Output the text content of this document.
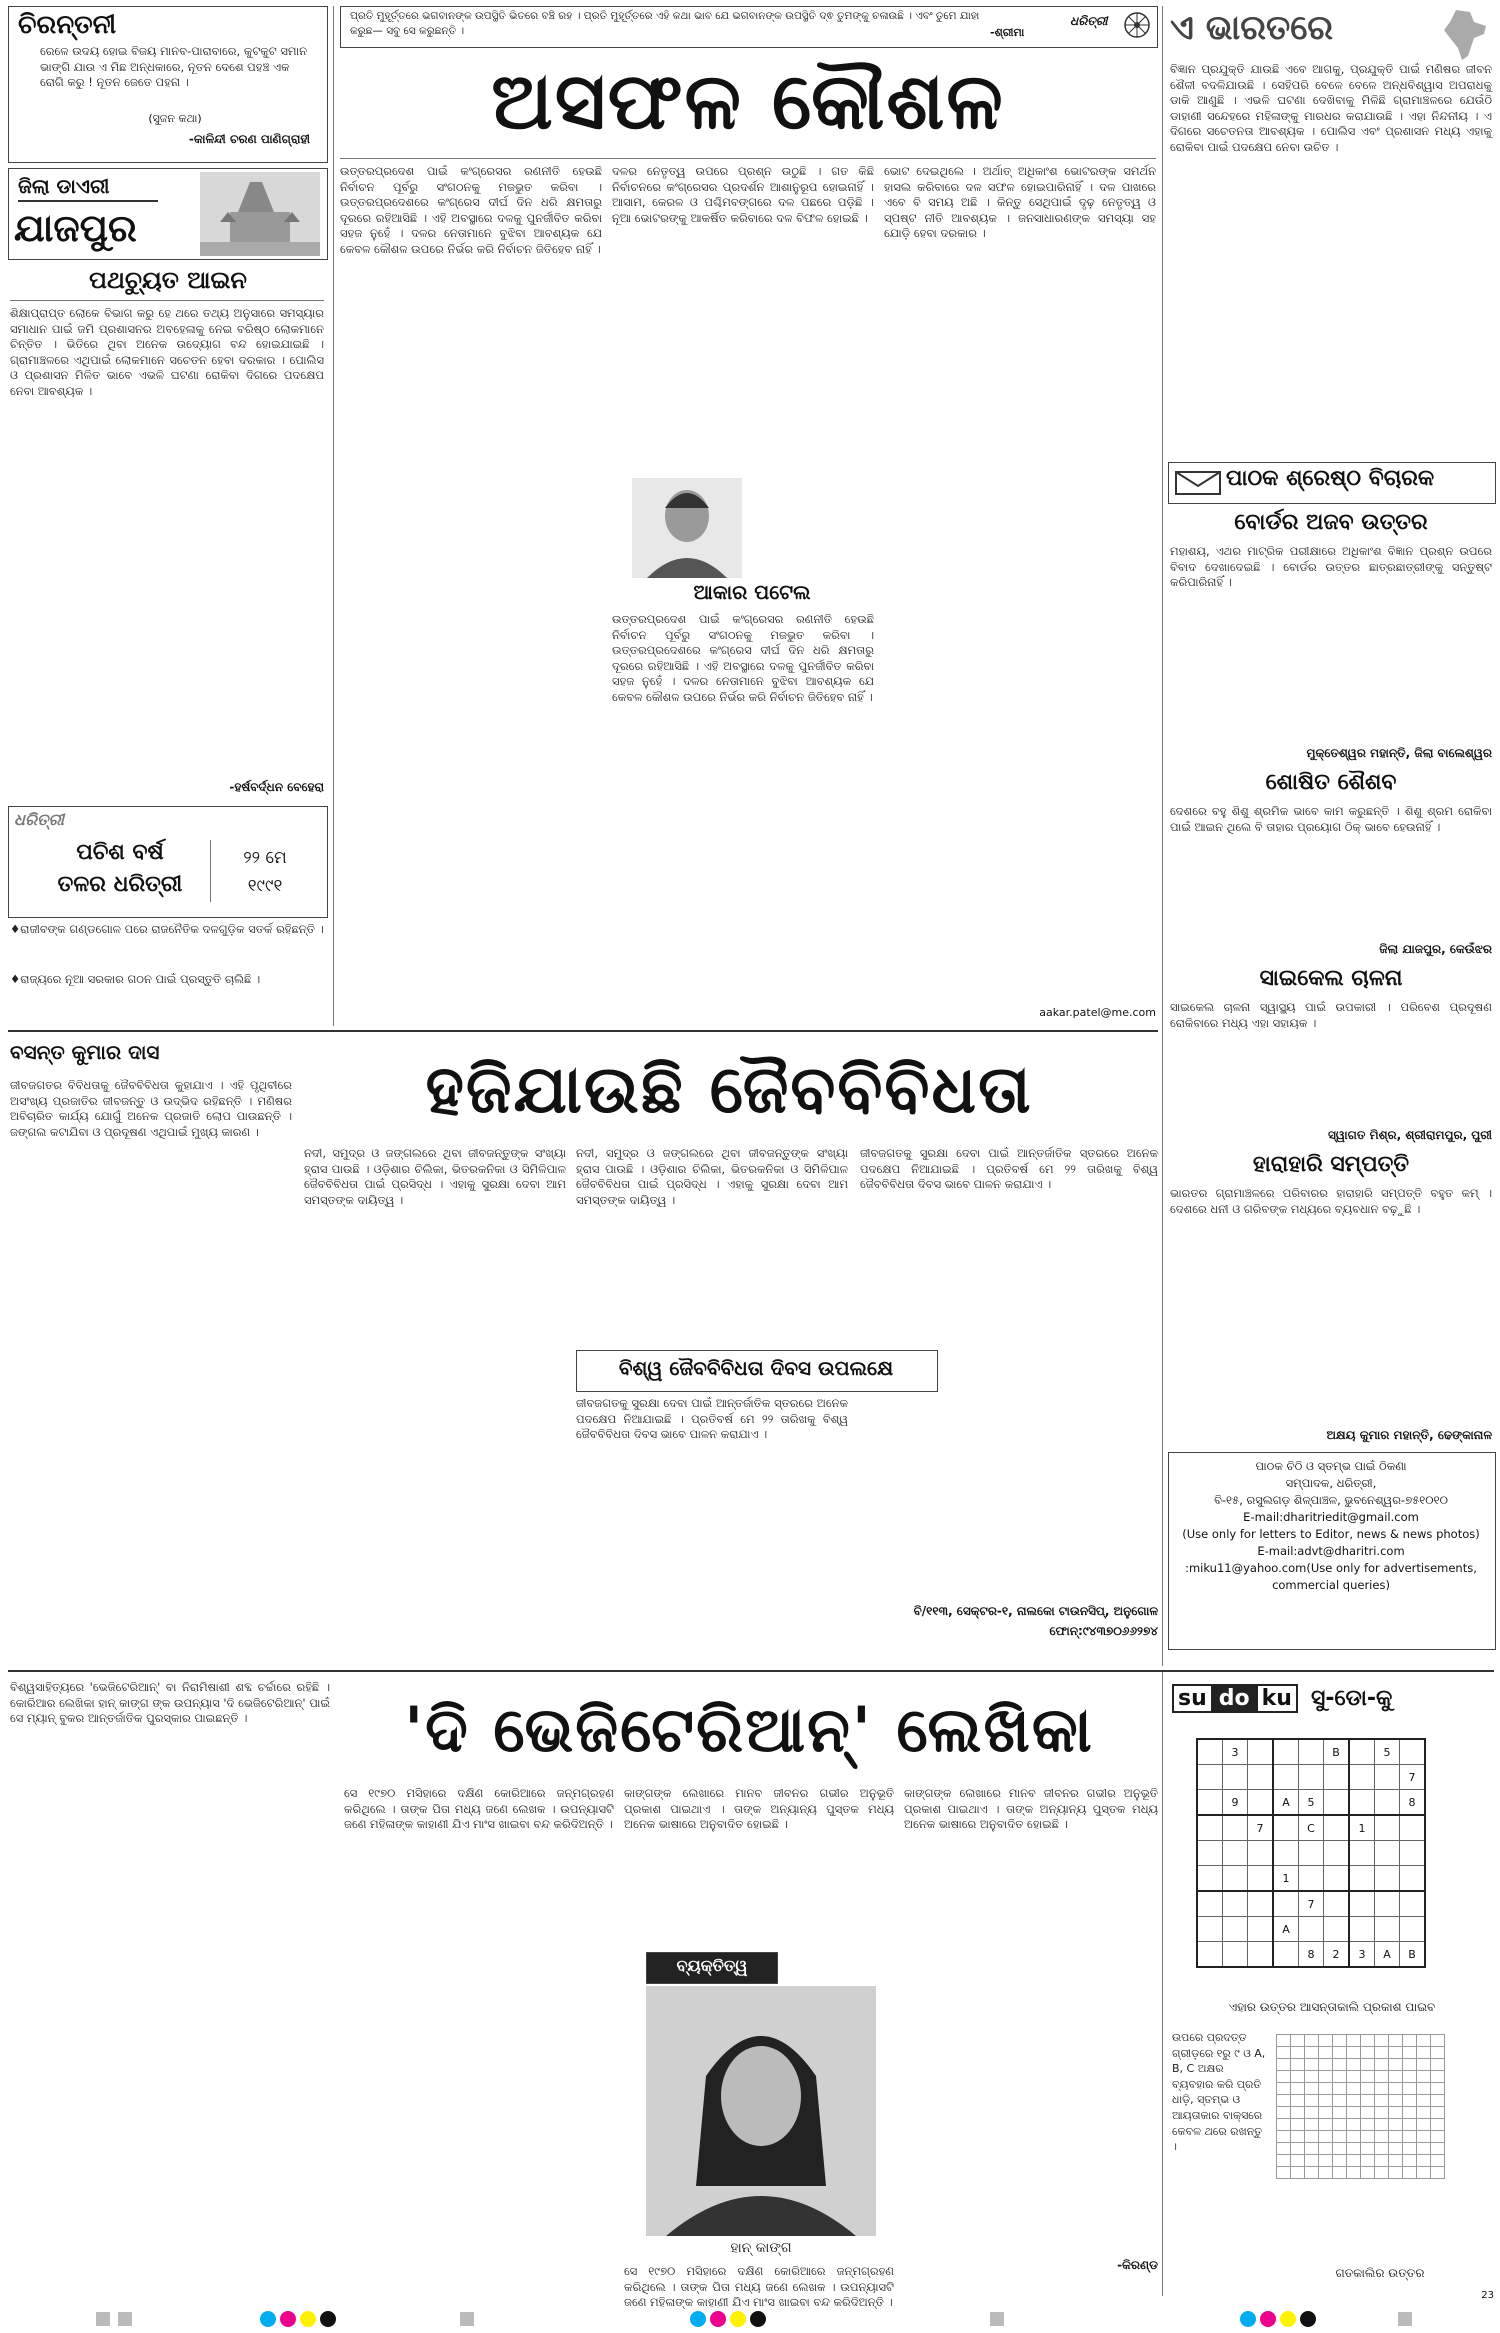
ଚିରନ୍ତନୀ
ରେଳେ ଉଦୟ ହୋଇ ବିଜୟ ମାନବ-ପାରାବାରେ, କୁଟକୁଟ ସମାନ ଭାଙ୍ଗି ଯାଉ ଏ ମିଛ ଅନ୍ଧକାରେ, ନୂତନ ଦେଶେ ପହଞ୍ଚ ଏକ ରୋଗି କରୁ ! ନୂତନ ଜେତେ ପହନା ।
(ସୁଜନ କଥା)
-କାଳିନ୍ଦୀ ଚରଣ ପାଣିଗ୍ରାହୀ
ଜିଲା ଡାଏରୀ
ଯାଜପୁର
ପଥଚ୍ୟୁତ ଆଇନ
ଶିକ୍ଷାପ୍ରାପ୍ତ ଲୋକେ ବିଭାଗ କରୁ ହେ ଥରେ ତଥ୍ୟ ଅନୁସାରେ ସମସ୍ୟାର ସମାଧାନ ପାଇଁ ଜମି ପ୍ରଶାସନର ଅବହେଳାକୁ ନେଇ ବରିଷ୍ଠ ଲୋକମାନେ ଚିନ୍ତିତ । ଭିତିରେ ଥିବା ଅନେକ ଉଦ୍ୟୋଗ ବନ୍ଦ ହୋଇଯାଇଛି । ଗ୍ରାମାଞ୍ଚଳରେ ଏଥିପାଇଁ ଲୋକମାନେ ସଚେତନ ହେବା ଦରକାର । ପୋଲିସ ଓ ପ୍ରଶାସନ ମିଳିତ ଭାବେ ଏଭଳି ଘଟଣା ରୋକିବା ଦିଗରେ ପଦକ୍ଷେପ ନେବା ଆବଶ୍ୟକ ।
-ହର୍ଷବର୍ଦ୍ଧନ ବେହେରା
ଧରିତ୍ରୀ
ପଚିଶ ବର୍ଷ
ତଳର ଧରିତ୍ରୀ
୨୨ ମେ
୧୯୯୧
♦ରାଜୀବଙ୍କ ଗଣ୍ଡଗୋଳ ପରେ ରାଜନୈତିକ ଦଳଗୁଡ଼ିକ ସତର୍କ ରହିଛନ୍ତି ।
♦ରାଜ୍ୟରେ ନୂଆ ସରକାର ଗଠନ ପାଇଁ ପ୍ରସ୍ତୁତି ଚାଲିଛି ।
ପ୍ରତି ମୁହୂର୍ତ୍ତରେ ଭଗବାନଙ୍କ ଉପସ୍ଥିତି ଭିତରେ ବଞ୍ଚି ରହ । ପ୍ରତି ମୁହୂର୍ତ୍ତରେ ଏହି କଥା ଭାବ ଯେ ଭଗବାନଙ୍କ ଉପସ୍ଥିତି ଦ୍ଵ ତୁମଙ୍କୁ ଚଳାଉଛି । ଏବଂ ତୁମେ ଯାହା କରୁଛ— ସବୁ ସେ କରୁଛନ୍ତି ।	-ଶ୍ରୀମା
ଧରିତ୍ରୀ
ଅସଫଳ କୌଶଳ
ଉତ୍ତରପ୍ରଦେଶ ପାଇଁ କଂଗ୍ରେସର ରଣନୀତି ହେଉଛି ନିର୍ବାଚନ ପୂର୍ବରୁ ସଂଗଠନକୁ ମଜଭୁତ କରିବା । ଉତ୍ତରପ୍ରଦେଶରେ କଂଗ୍ରେସ ଦୀର୍ଘ ଦିନ ଧରି କ୍ଷମତାରୁ ଦୂରରେ ରହିଆସିଛି । ଏହି ଅବସ୍ଥାରେ ଦଳକୁ ପୁନର୍ଜୀବିତ କରିବା ସହଜ ନୁହେଁ । ଦଳର ନେତାମାନେ ବୁଝିବା ଆବଶ୍ୟକ ଯେ କେବଳ କୌଶଳ ଉପରେ ନିର୍ଭର କରି ନିର୍ବାଚନ ଜିତିହେବ ନାହିଁ ।
ଦଳର ନେତୃତ୍ୱ ଉପରେ ପ୍ରଶ୍ନ ଉଠୁଛି । ଗତ କିଛି ନିର୍ବାଚନରେ କଂଗ୍ରେସର ପ୍ରଦର୍ଶନ ଆଶାନୁରୂପ ହୋଇନାହିଁ । ଆସାମ, କେରଳ ଓ ପଶ୍ଚିମବଙ୍ଗରେ ଦଳ ପଛରେ ପଡ଼ିଛି । ନୂଆ ଭୋଟରଙ୍କୁ ଆକର୍ଷିତ କରିବାରେ ଦଳ ବିଫଳ ହୋଇଛି ।
ଭୋଟ ଦେଇଥିଲେ । ଅର୍ଥାତ୍ ଅଧିକାଂଶ ଭୋଟରଙ୍କ ସମର୍ଥନ ହାସଲ କରିବାରେ ଦଳ ସଫଳ ହୋଇପାରିନାହିଁ । ଦଳ ପାଖରେ ଏବେ ବି ସମୟ ଅଛି । କିନ୍ତୁ ସେଥିପାଇଁ ଦୃଢ଼ ନେତୃତ୍ୱ ଓ ସ୍ପଷ୍ଟ ନୀତି ଆବଶ୍ୟକ । ଜନସାଧାରଣଙ୍କ ସମସ୍ୟା ସହ ଯୋଡ଼ି ହେବା ଦରକାର ।
ଆକାର ପଟେଲ
ଉତ୍ତରପ୍ରଦେଶ ପାଇଁ କଂଗ୍ରେସର ରଣନୀତି ହେଉଛି ନିର୍ବାଚନ ପୂର୍ବରୁ ସଂଗଠନକୁ ମଜଭୁତ କରିବା । ଉତ୍ତରପ୍ରଦେଶରେ କଂଗ୍ରେସ ଦୀର୍ଘ ଦିନ ଧରି କ୍ଷମତାରୁ ଦୂରରେ ରହିଆସିଛି । ଏହି ଅବସ୍ଥାରେ ଦଳକୁ ପୁନର୍ଜୀବିତ କରିବା ସହଜ ନୁହେଁ । ଦଳର ନେତାମାନେ ବୁଝିବା ଆବଶ୍ୟକ ଯେ କେବଳ କୌଶଳ ଉପରେ ନିର୍ଭର କରି ନିର୍ବାଚନ ଜିତିହେବ ନାହିଁ ।
aakar.patel@me.com
ଏ ଭାରତରେ
ବିଜ୍ଞାନ ପ୍ରଯୁକ୍ତି ଯାଉଛି ଏବେ ଆଗକୁ, ପ୍ରଯୁକ୍ତି ପାଇଁ ମଣିଷର ଜୀବନ ଶୈଳୀ ବଦଳିଯାଉଛି । ସେହିପରି ବେଳେ ବେଳେ ଅନ୍ଧବିଶ୍ୱାସ ଅପରାଧକୁ ଡାକି ଆଣୁଛି । ଏଭଳି ଘଟଣା ଦେଖିବାକୁ ମିଳିଛି ଗ୍ରାମାଞ୍ଚଳରେ ଯେଉଁଠି ଡାହାଣୀ ସନ୍ଦେହରେ ମହିଳାଙ୍କୁ ମାରଧର କରାଯାଉଛି । ଏହା ନିନ୍ଦନୀୟ । ଏ ଦିଗରେ ସଚେତନତା ଆବଶ୍ୟକ । ପୋଲିସ ଏବଂ ପ୍ରଶାସନ ମଧ୍ୟ ଏହାକୁ ରୋକିବା ପାଇଁ ପଦକ୍ଷେପ ନେବା ଉଚିତ ।
ପାଠକ ଶ୍ରେଷ୍ଠ ବିଚାରକ
ବୋର୍ଡର ଅଜବ ଉତ୍ତର
ମହାଶୟ, ଏଥର ମାଟ୍ରିକ ପରୀକ୍ଷାରେ ଅଧିକାଂଶ ବିଜ୍ଞାନ ପ୍ରଶ୍ନ ଉପରେ ବିବାଦ ଦେଖାଦେଇଛି । ବୋର୍ଡର ଉତ୍ତର ଛାତ୍ରଛାତ୍ରୀଙ୍କୁ ସନ୍ତୁଷ୍ଟ କରିପାରିନାହିଁ ।
ମୁକ୍ତେଶ୍ୱର ମହାନ୍ତି, ଜିଲା ବାଲେଶ୍ୱର
ଶୋଷିତ ଶୈଶବ
ଦେଶରେ ବହୁ ଶିଶୁ ଶ୍ରମିକ ଭାବେ କାମ କରୁଛନ୍ତି । ଶିଶୁ ଶ୍ରମ ରୋକିବା ପାଇଁ ଆଇନ ଥିଲେ ବି ତାହାର ପ୍ରୟୋଗ ଠିକ୍ ଭାବେ ହେଉନାହିଁ ।
ଜିଲା ଯାଜପୁର, କେଉଁଝର
ସାଇକେଲ ଚାଳନା
ସାଇକେଲ ଚାଳନା ସ୍ୱାସ୍ଥ୍ୟ ପାଇଁ ଉପକାରୀ । ପରିବେଶ ପ୍ରଦୂଷଣ ରୋକିବାରେ ମଧ୍ୟ ଏହା ସହାୟକ ।
ସ୍ୱାଗତ ମିଶ୍ର, ଶ୍ରୀରାମପୁର, ପୁରୀ
ହାରାହାରି ସମ୍ପତ୍ତି
ଭାରତର ଗ୍ରାମାଞ୍ଚଳରେ ପରିବାରର ହାରାହାରି ସମ୍ପତ୍ତି ବହୁତ କମ୍ । ଦେଶରେ ଧନୀ ଓ ଗରିବଙ୍କ ମଧ୍ୟରେ ବ୍ୟବଧାନ ବଢ଼ୁଛି ।
ଅକ୍ଷୟ କୁମାର ମହାନ୍ତି, ଢେଙ୍କାନାଳ
ପାଠକ ଚିଠି ଓ ସ୍ତମ୍ଭ ପାଇଁ ଠିକଣା
ସମ୍ପାଦକ, ଧରିତ୍ରୀ,
ବି-୧୫, ରସୁଲଗଡ଼ ଶିଳ୍ପାଞ୍ଚଳ, ଭୁବନେଶ୍ୱର-୭୫୧୦୧୦
E-mail:dharitriedit@gmail.com
(Use only for letters to Editor, news & news photos)
E-mail:advt@dharitri.com
:miku11@yahoo.com(Use only for advertisements, commercial queries)
ବସନ୍ତ କୁମାର ଦାସ	ହଜିଯାଉଛି ଜୈବବିବିଧତା
ଜୀବଜଗତର ବିବିଧତାକୁ ଜୈବବିବିଧତା କୁହାଯାଏ । ଏହି ପୃଥିବୀରେ ଅସଂଖ୍ୟ ପ୍ରଜାତିର ଜୀବଜନ୍ତୁ ଓ ଉଦ୍ଭିଦ ରହିଛନ୍ତି । ମଣିଷର ଅବିଚାରିତ କାର୍ଯ୍ୟ ଯୋଗୁଁ ଅନେକ ପ୍ରଜାତି ଲୋପ ପାଉଛନ୍ତି । ଜଙ୍ଗଲ କଟାଯିବା ଓ ପ୍ରଦୂଷଣ ଏଥିପାଇଁ ମୁଖ୍ୟ କାରଣ ।
ନଦୀ, ସମୁଦ୍ର ଓ ଜଙ୍ଗଲରେ ଥିବା ଜୀବଜନ୍ତୁଙ୍କ ସଂଖ୍ୟା ହ୍ରାସ ପାଉଛି । ଓଡ଼ିଶାର ଚିଲିକା, ଭିତରକନିକା ଓ ସିମିଳିପାଳ ଜୈବବିବିଧତା ପାଇଁ ପ୍ରସିଦ୍ଧ । ଏହାକୁ ସୁରକ୍ଷା ଦେବା ଆମ ସମସ୍ତଙ୍କ ଦାୟିତ୍ୱ ।
ନଦୀ, ସମୁଦ୍ର ଓ ଜଙ୍ଗଲରେ ଥିବା ଜୀବଜନ୍ତୁଙ୍କ ସଂଖ୍ୟା ହ୍ରାସ ପାଉଛି । ଓଡ଼ିଶାର ଚିଲିକା, ଭିତରକନିକା ଓ ସିମିଳିପାଳ ଜୈବବିବିଧତା ପାଇଁ ପ୍ରସିଦ୍ଧ । ଏହାକୁ ସୁରକ୍ଷା ଦେବା ଆମ ସମସ୍ତଙ୍କ ଦାୟିତ୍ୱ ।
ବିଶ୍ୱ ଜୈବବିବିଧତା ଦିବସ ଉପଲକ୍ଷେ
ଜୀବଜଗତକୁ ସୁରକ୍ଷା ଦେବା ପାଇଁ ଆନ୍ତର୍ଜାତିକ ସ୍ତରରେ ଅନେକ ପଦକ୍ଷେପ ନିଆଯାଇଛି । ପ୍ରତିବର୍ଷ ମେ ୨୨ ତାରିଖକୁ ବିଶ୍ୱ ଜୈବବିବିଧତା ଦିବସ ଭାବେ ପାଳନ କରାଯାଏ ।
ଜୀବଜଗତକୁ ସୁରକ୍ଷା ଦେବା ପାଇଁ ଆନ୍ତର୍ଜାତିକ ସ୍ତରରେ ଅନେକ ପଦକ୍ଷେପ ନିଆଯାଇଛି । ପ୍ରତିବର୍ଷ ମେ ୨୨ ତାରିଖକୁ ବିଶ୍ୱ ଜୈବବିବିଧତା ଦିବସ ଭାବେ ପାଳନ କରାଯାଏ ।
ବି/୧୧୩, ସେକ୍ଟର-୧, ନାଲକୋ ଟାଉନସିପ୍, ଅନୁଗୋଳ
ଫୋନ୍:୯୪୩୭୦୬୬୨୭୪
'ଦି ଭେଜିଟେରିଆନ୍' ଲେଖିକା
ବିଶ୍ୱସାହିତ୍ୟରେ 'ଭେଜିଟେରିଆନ୍' ବା ନିରାମିଷାଶୀ ଶବ୍ଦ ଚର୍ଚ୍ଚାରେ ରହିଛି । କୋରିଆର ଲେଖିକା ହାନ୍ କାଙ୍ଗ ଙ୍କ ଉପନ୍ୟାସ 'ଦି ଭେଜିଟେରିଆନ୍' ପାଇଁ ସେ ମ୍ୟାନ୍ ବୁକର ଆନ୍ତର୍ଜାତିକ ପୁରସ୍କାର ପାଇଛନ୍ତି ।
ସେ ୧୯୭୦ ମସିହାରେ ଦକ୍ଷିଣ କୋରିଆରେ ଜନ୍ମଗ୍ରହଣ କରିଥିଲେ । ତାଙ୍କ ପିତା ମଧ୍ୟ ଜଣେ ଲେଖକ । ଉପନ୍ୟାସଟି ଜଣେ ମହିଳାଙ୍କ କାହାଣୀ ଯିଏ ମାଂସ ଖାଇବା ବନ୍ଦ କରିଦିଅନ୍ତି ।
କାଙ୍ଗଙ୍କ ଲେଖାରେ ମାନବ ଜୀବନର ଗଭୀର ଅନୁଭୂତି ପ୍ରକାଶ ପାଇଥାଏ । ତାଙ୍କ ଅନ୍ୟାନ୍ୟ ପୁସ୍ତକ ମଧ୍ୟ ଅନେକ ଭାଷାରେ ଅନୁବାଦିତ ହୋଇଛି ।
କାଙ୍ଗଙ୍କ ଲେଖାରେ ମାନବ ଜୀବନର ଗଭୀର ଅନୁଭୂତି ପ୍ରକାଶ ପାଇଥାଏ । ତାଙ୍କ ଅନ୍ୟାନ୍ୟ ପୁସ୍ତକ ମଧ୍ୟ ଅନେକ ଭାଷାରେ ଅନୁବାଦିତ ହୋଇଛି ।
ବ୍ୟକ୍ତିତ୍ୱ
ହାନ୍ କାଙ୍ଗ
ସେ ୧୯୭୦ ମସିହାରେ ଦକ୍ଷିଣ କୋରିଆରେ ଜନ୍ମଗ୍ରହଣ କରିଥିଲେ । ତାଙ୍କ ପିତା ମଧ୍ୟ ଜଣେ ଲେଖକ । ଉପନ୍ୟାସଟି ଜଣେ ମହିଳାଙ୍କ କାହାଣୀ ଯିଏ ମାଂସ ଖାଇବା ବନ୍ଦ କରିଦିଅନ୍ତି ।
-କିରଣ୍ଡ
su do ku ସୁ-ଡୋ-କୁ
	3				B		5	
								7
	9		A	5				8
		7		C		1		

			1					
				7				
			A					
				8	2	3	A	B
ଏହାର ଉତ୍ତର ଆସନ୍ତାକାଲି ପ୍ରକାଶ ପାଇବ
ଉପରେ ପ୍ରଦତ୍ତ ଗ୍ରୀଡ଼ରେ ୧ରୁ ୯ ଓ A, B, C ଅକ୍ଷର ବ୍ୟବହାର କରି ପ୍ରତି ଧାଡ଼ି, ସ୍ତମ୍ଭ ଓ ଆୟତାକାର ବାକ୍ସରେ କେବଳ ଥରେ ରଖନ୍ତୁ ।

ଗତକାଲିର ଉତ୍ତର
23
